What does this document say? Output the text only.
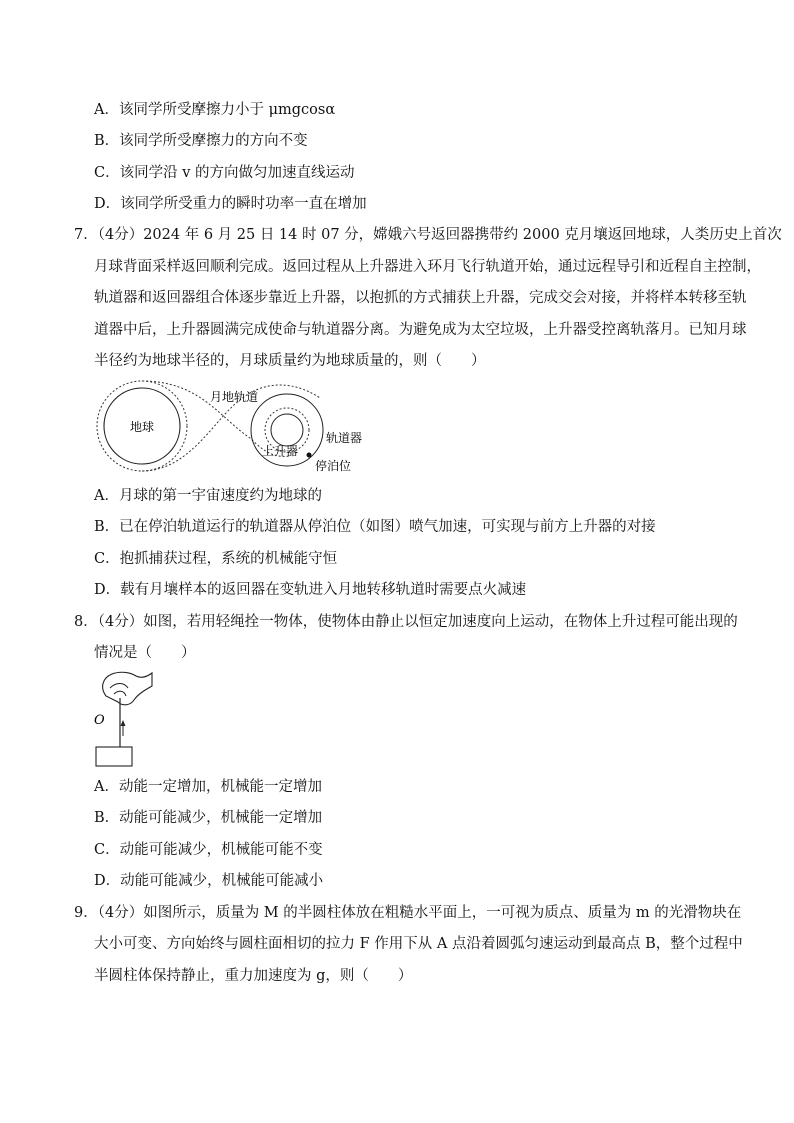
A．该同学所受摩擦力小于 μmgcosα
B．该同学所受摩擦力的方向不变
C．该同学沿 v 的方向做匀加速直线运动
D．该同学所受重力的瞬时功率一直在增加
7．（4分）2024 年 6 月 25 日 14 时 07 分，嫦娥六号返回器携带约 2000 克月壤返回地球，人类历史上首次
月球背面采样返回顺利完成。返回过程从上升器进入环月飞行轨道开始，通过远程导引和近程自主控制，
轨道器和返回器组合体逐步靠近上升器，以抱抓的方式捕获上升器，完成交会对接，并将样本转移至轨
道器中后，上升器圆满完成使命与轨道器分离。为避免成为太空垃圾，上升器受控离轨落月。已知月球
半径约为地球半径的，月球质量约为地球质量的，则（　　）
地球
月地轨道
轨道器
上升器
停泊位
A．月球的第一宇宙速度约为地球的
B．已在停泊轨道运行的轨道器从停泊位（如图）喷气加速，可实现与前方上升器的对接
C．抱抓捕获过程，系统的机械能守恒
D．载有月壤样本的返回器在变轨进入月地转移轨道时需要点火减速
8．（4分）如图，若用轻绳拴一物体，使物体由静止以恒定加速度向上运动，在物体上升过程可能出现的
情况是（　　）
O
A．动能一定增加，机械能一定增加
B．动能可能减少，机械能一定增加
C．动能可能减少，机械能可能不变
D．动能可能减少，机械能可能减小
9．（4分）如图所示，质量为 M 的半圆柱体放在粗糙水平面上，一可视为质点、质量为 m 的光滑物块在
大小可变、方向始终与圆柱面相切的拉力 F 作用下从 A 点沿着圆弧匀速运动到最高点 B，整个过程中
半圆柱体保持静止，重力加速度为 g，则（　　）
